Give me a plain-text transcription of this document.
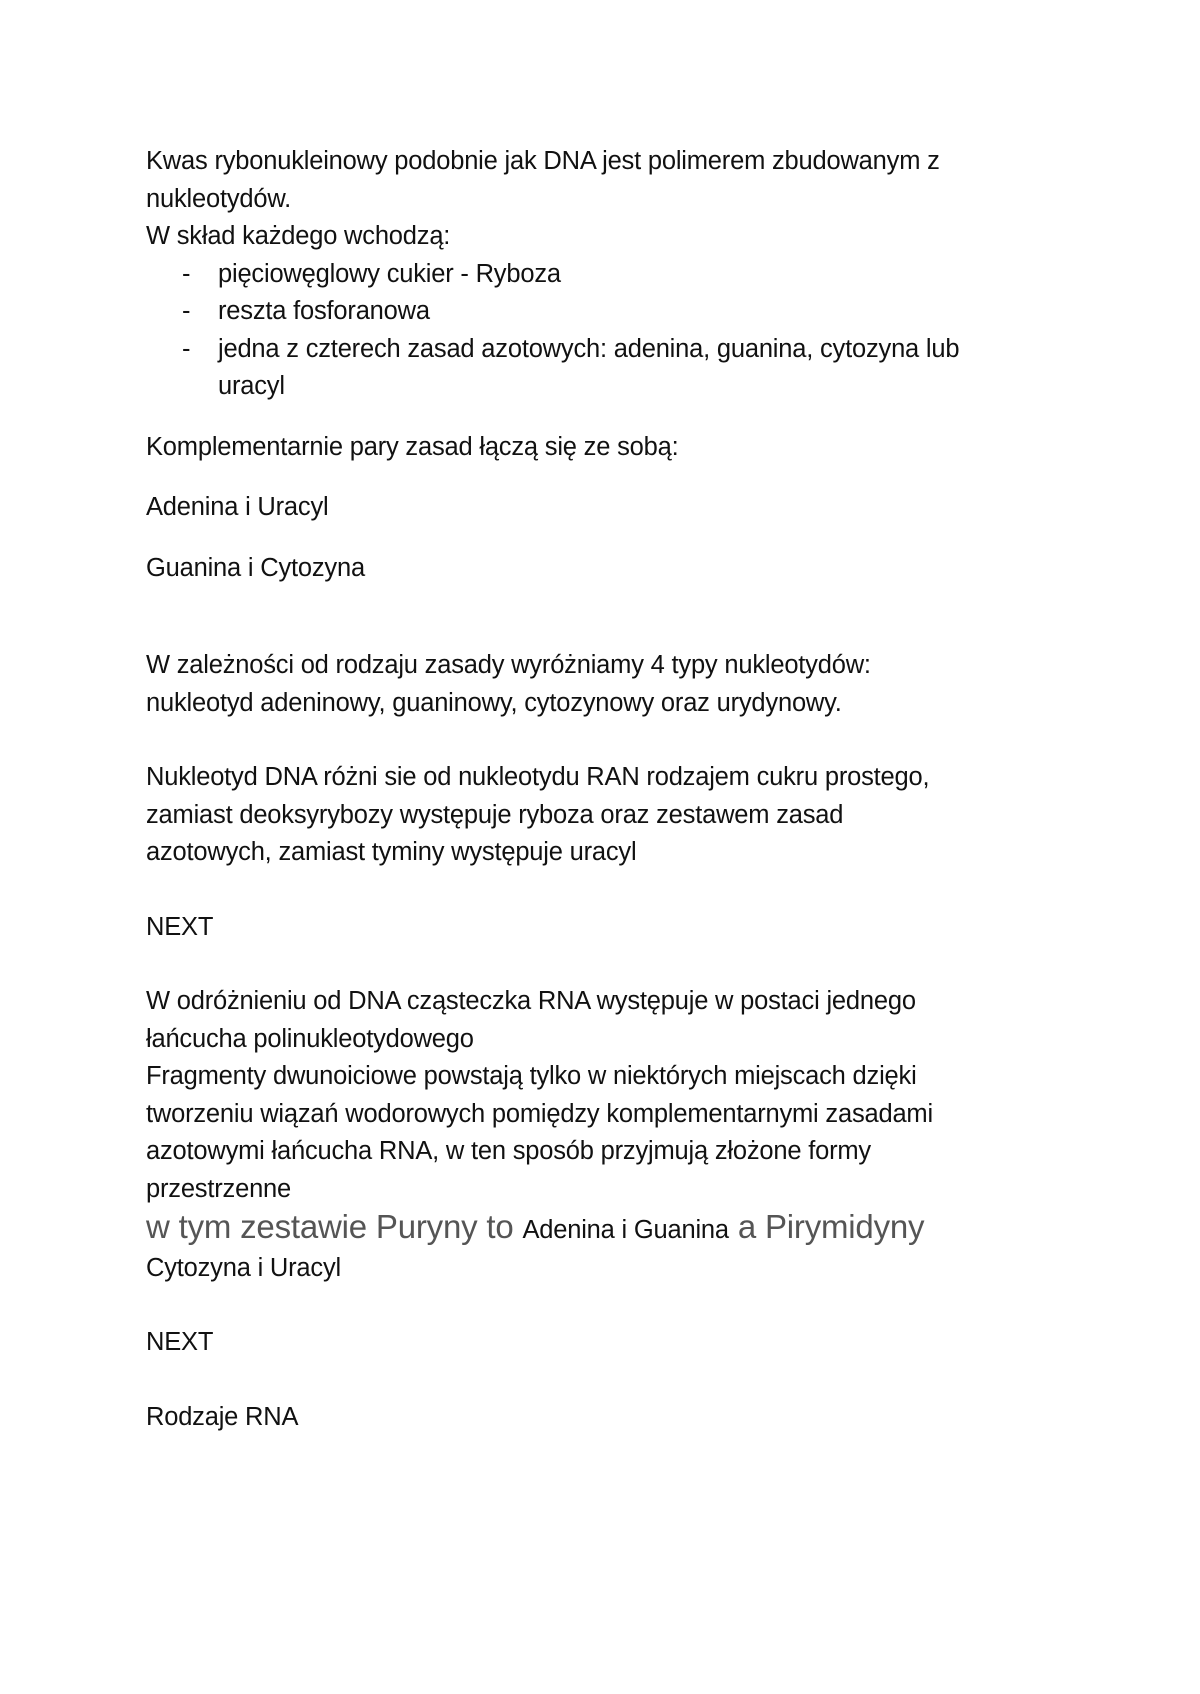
Kwas rybonukleinowy podobnie jak DNA jest polimerem zbudowanym z
nukleotydów.
W skład każdego wchodzą:

- pięciowęglowy cukier - Ryboza
- reszta fosforanowa
- jedna z czterech zasad azotowych: adenina, guanina, cytozyna lub
uracyl

Komplementarnie pary zasad łączą się ze sobą:

Adenina i Uracyl

Guanina i Cytozyna

W zależności od rodzaju zasady wyróżniamy 4 typy nukleotydów:
nukleotyd adeninowy, guaninowy, cytozynowy oraz urydynowy.

Nukleotyd DNA różni sie od nukleotydu RAN rodzajem cukru prostego,
zamiast deoksyrybozy występuje ryboza oraz zestawem zasad
azotowych, zamiast tyminy występuje uracyl

NEXT

W odróżnieniu od DNA cząsteczka RNA występuje w postaci jednego
łańcucha polinukleotydowego
Fragmenty dwunoiciowe powstają tylko w niektórych miejscach dzięki
tworzeniu wiązań wodorowych pomiędzy komplementarnymi zasadami
azotowymi łańcucha RNA, w ten sposób przyjmują złożone formy
przestrzenne

w tym zestawie Puryny to Adenina i Guanina a Pirymidyny
Cytozyna i Uracyl

NEXT

Rodzaje RNA
